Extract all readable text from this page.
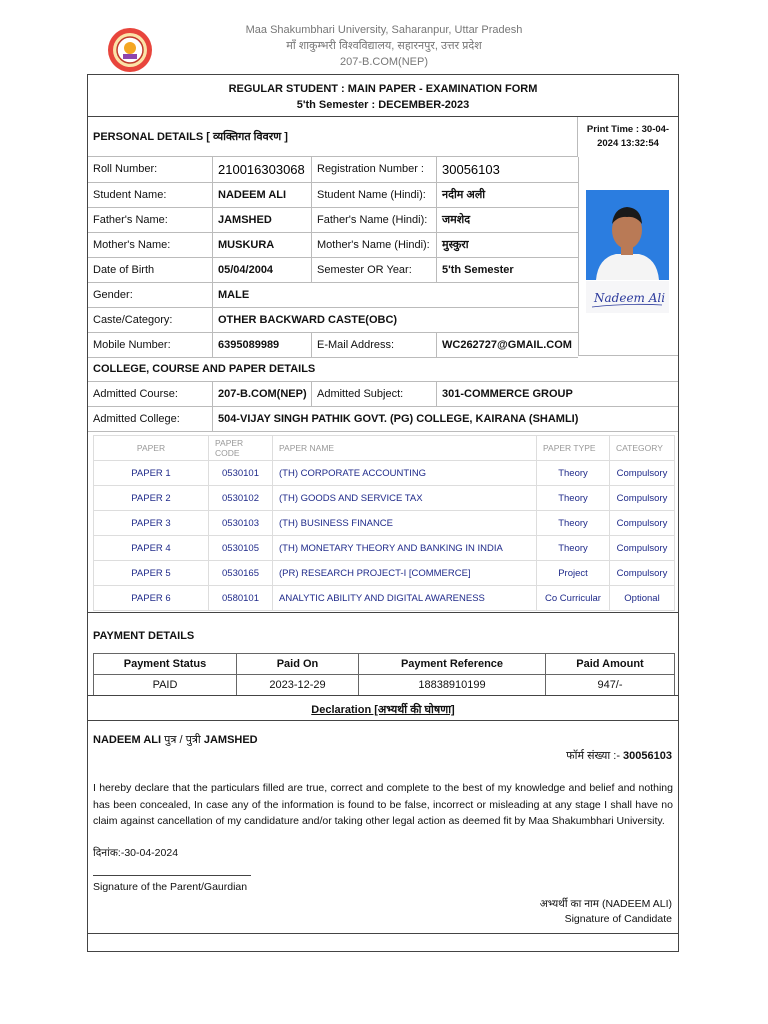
Maa Shakumbhari University, Saharanpur, Uttar Pradesh
माँ शाकुम्भरी विश्वविद्यालय, सहारनपुर, उत्तर प्रदेश
207-B.COM(NEP)
REGULAR STUDENT : MAIN PAPER - EXAMINATION FORM
5'th Semester : DECEMBER-2023
PERSONAL DETAILS [ व्यक्तिगत विवरण ]
Print Time : 30-04-2024 13:32:54
Roll Number:	210016303068	Registration Number :	30056103
Student Name:	NADEEM ALI	Student Name (Hindi):	नदीम अली
Father's Name:	JAMSHED	Father's Name (Hindi):	जमशेद
Mother's Name:	MUSKURA	Mother's Name (Hindi):	मुस्कुरा
Date of Birth	05/04/2004	Semester OR Year:	5'th Semester
Gender:	MALE
Caste/Category:	OTHER BACKWARD CASTE(OBC)
Mobile Number:	6395089989	E-Mail Address:	WC262727@GMAIL.COM
Nadeem Ali
COLLEGE, COURSE AND PAPER DETAILS
Admitted Course:	207-B.COM(NEP) Admitted Subject:	301-COMMERCE GROUP
Admitted College:	504-VIJAY SINGH PATHIK GOVT. (PG) COLLEGE, KAIRANA (SHAMLI)
PAPER	PAPER CODE	PAPER NAME	PAPER TYPE	CATEGORY
PAPER 1	0530101	(TH) CORPORATE ACCOUNTING	Theory	Compulsory
PAPER 2	0530102	(TH) GOODS AND SERVICE TAX	Theory	Compulsory
PAPER 3	0530103	(TH) BUSINESS FINANCE	Theory	Compulsory
PAPER 4	0530105	(TH) MONETARY THEORY AND BANKING IN INDIA	Theory	Compulsory
PAPER 5	0530165	(PR) RESEARCH PROJECT-I [COMMERCE]	Project	Compulsory
PAPER 6	0580101	ANALYTIC ABILITY AND DIGITAL AWARENESS	Co Curricular	Optional
PAYMENT DETAILS
Payment Status	Paid On	Payment Reference	Paid Amount
PAID	2023-12-29	18838910199	947/-
Declaration [अभ्यर्थी की घोषणा]
NADEEM ALI पुत्र / पुत्री JAMSHED
फॉर्म संख्या :- 30056103
I hereby declare that the particulars filled are true, correct and complete to the best of my knowledge and belief and nothing has been concealed, In case any of the information is found to be false, incorrect or misleading at any stage I shall have no claim against cancellation of my candidature and/or taking other legal action as deemed fit by Maa Shakumbhari University.
दिनांक:-30-04-2024
Signature of the Parent/Gaurdian
अभ्यर्थी का नाम (NADEEM ALI)
Signature of Candidate
